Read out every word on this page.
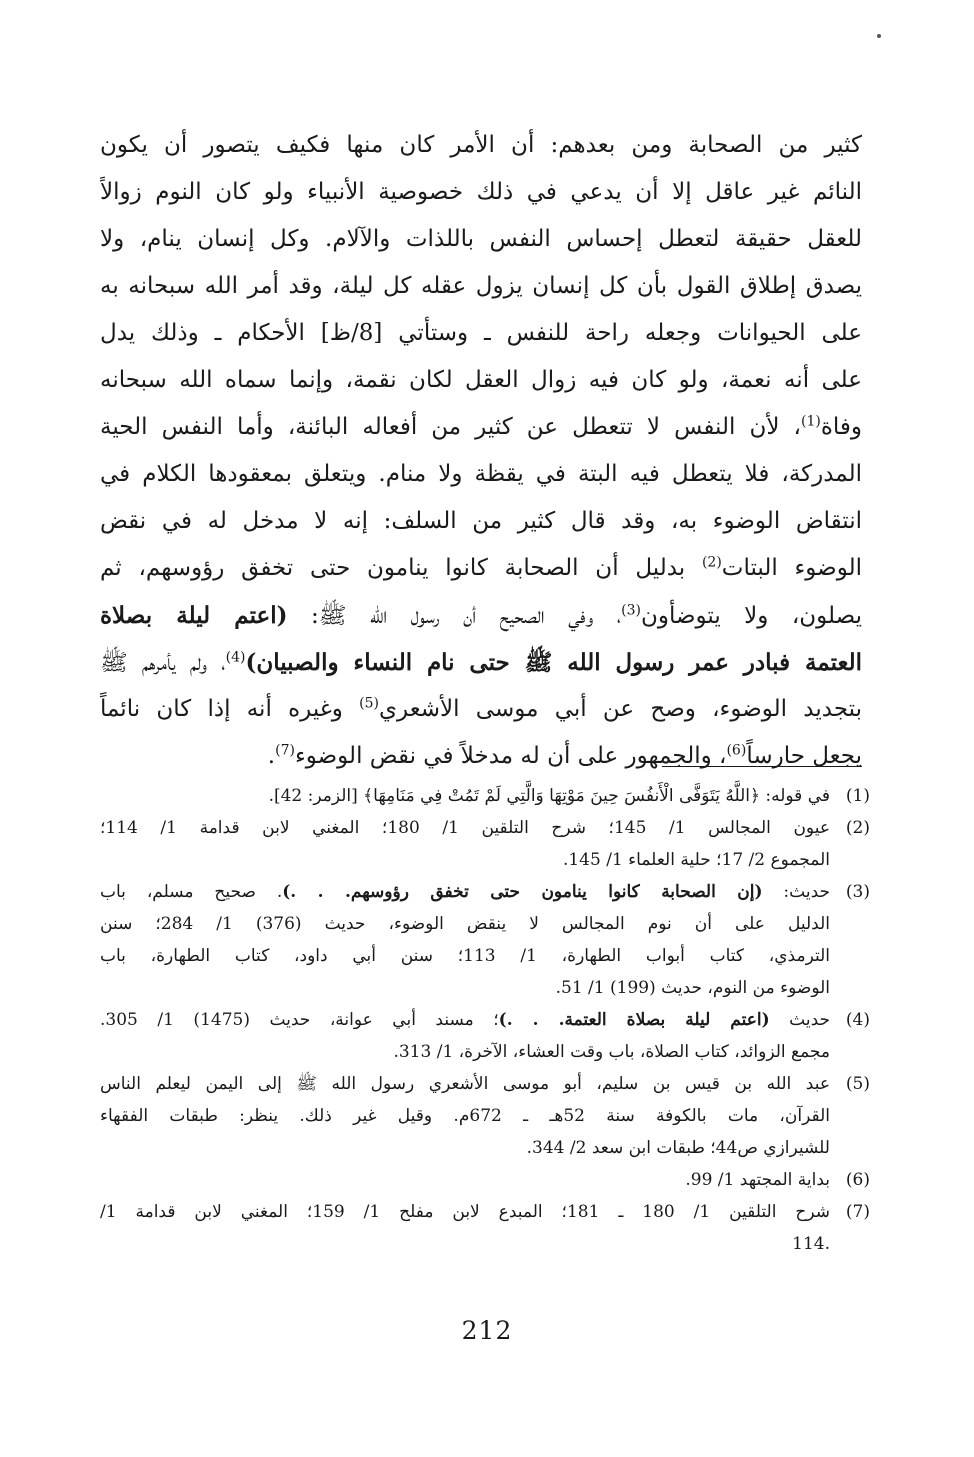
كثير من الصحابة ومن بعدهم: أن الأمر كان منها فكيف يتصور أن يكون
النائم غير عاقل إلا أن يدعي في ذلك خصوصية الأنبياء ولو كان النوم زوالاً
للعقل حقيقة لتعطل إحساس النفس باللذات والآلام. وكل إنسان ينام، ولا
يصدق إطلاق القول بأن كل إنسان يزول عقله كل ليلة، وقد أمر الله سبحانه به
على الحيوانات وجعله راحة للنفس ـ وستأتي [8/ظ] الأحكام ـ وذلك يدل
على أنه نعمة، ولو كان فيه زوال العقل لكان نقمة، وإنما سماه الله سبحانه
وفاة$^{(1)}$، لأن النفس لا تتعطل عن كثير من أفعاله البائنة، وأما النفس الحية
المدركة، فلا يتعطل فيه البتة في يقظة ولا منام. ويتعلق بمعقودها الكلام في
انتقاض الوضوء به، وقد قال كثير من السلف: إنه لا مدخل له في نقض
الوضوء البتات$^{(2)}$ بدليل أن الصحابة كانوا ينامون حتى تخفق رؤوسهم، ثم
يصلون، ولا يتوضأون$^{(3)}$، وفي الصحيح أن رسول الله ﷺ: (اعتم ليلة بصلاة
العتمة فبادر عمر رسول الله ﷺ حتى نام النساء والصبيان)$^{(4)}$، ولم يأمرهم ﷺ
بتجديد الوضوء، وصح عن أبي موسى الأشعري$^{(5)}$ وغيره أنه إذا كان نائماً
يجعل حارساً$^{(6)}$، والجمهور على أن له مدخلاً في نقض الوضوء$^{(7)}$.
(1)
في قوله: ﴿اللَّهُ يَتَوَفَّى الْأَنفُسَ حِينَ مَوْتِهَا وَالَّتِي لَمْ تَمُتْ فِي مَنَامِهَا﴾ [الزمر: 42].
(2)
عيون المجالس 1/ 145؛ شرح التلقين 1/ 180؛ المغني لابن قدامة 1/ 114؛
المجموع 2/ 17؛ حلية العلماء 1/ 145.
(3)
حديث: (إن الصحابة كانوا ينامون حتى تخفق رؤوسهم. . .). صحيح مسلم، باب
الدليل على أن نوم المجالس لا ينقض الوضوء، حديث (376) 1/ 284؛ سنن
الترمذي، كتاب أبواب الطهارة، 1/ 113؛ سنن أبي داود، كتاب الطهارة، باب
الوضوء من النوم، حديث (199) 1/ 51.
(4)
حديث (اعتم ليلة بصلاة العتمة. . .)؛ مسند أبي عوانة، حديث (1475) 1/ 305.
مجمع الزوائد، كتاب الصلاة، باب وقت العشاء، الآخرة، 1/ 313.
(5)
عبد الله بن قيس بن سليم، أبو موسى الأشعري رسول الله ﷺ إلى اليمن ليعلم الناس
القرآن، مات بالكوفة سنة 52هـ ـ 672م. وقيل غير ذلك. ينظر: طبقات الفقهاء
للشيرازي ص44؛ طبقات ابن سعد 2/ 344.
(6)
بداية المجتهد 1/ 99.
(7)
شرح التلقين 1/ 180 ـ 181؛ المبدع لابن مفلح 1/ 159؛ المغني لابن قدامة 1/
.114
212
